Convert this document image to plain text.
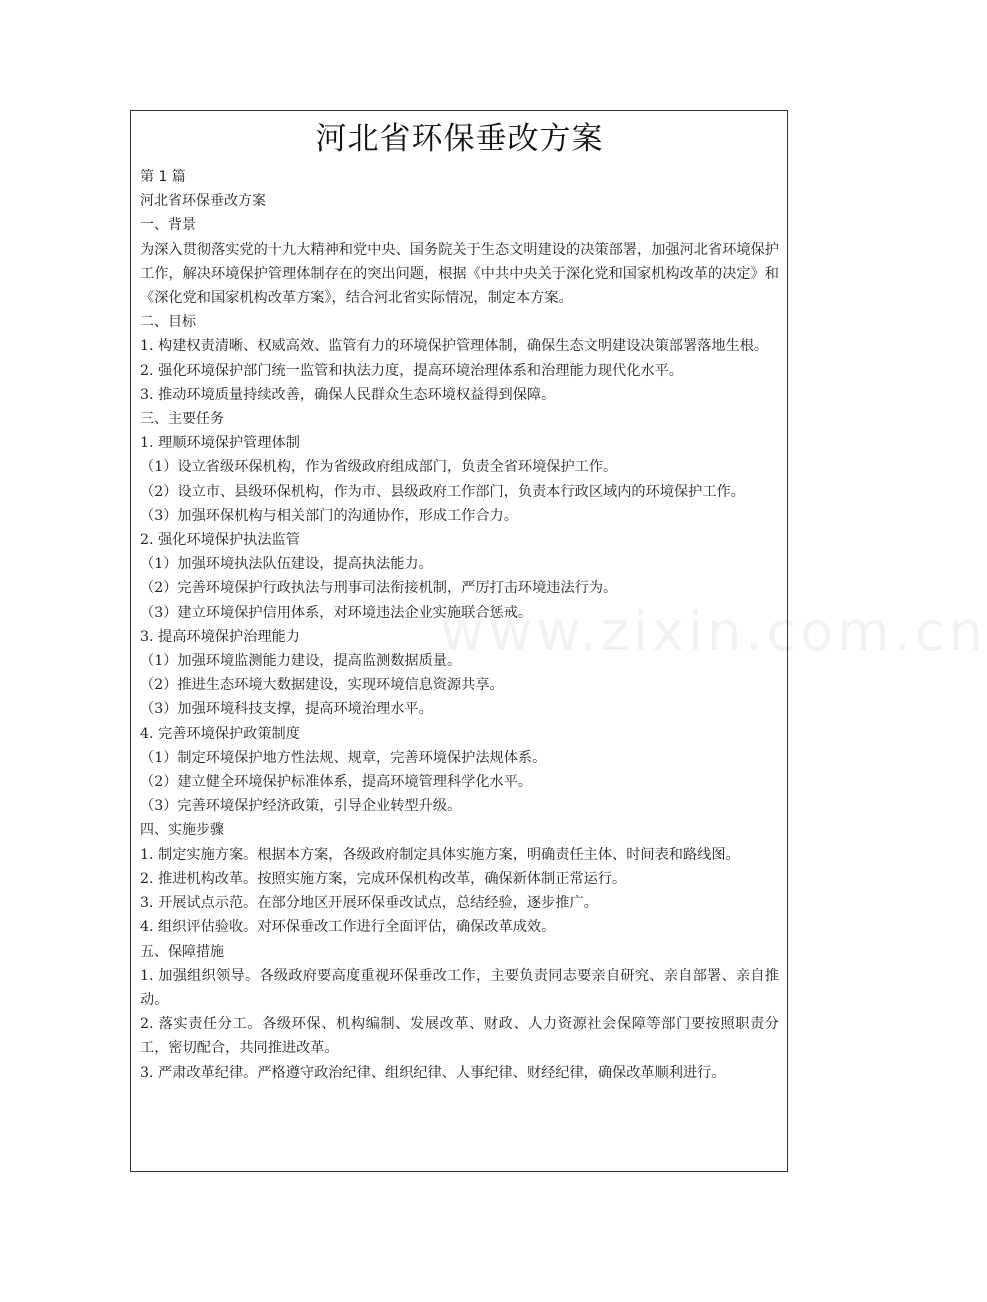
河北省环保垂改方案

第 1 篇

河北省环保垂改方案

一、背景

为深入贯彻落实党的十九大精神和党中央、国务院关于生态文明建设的决策部署，加强河北省环境保护工作，解决环境保护管理体制存在的突出问题，根据《中共中央关于深化党和国家机构改革的决定》和《深化党和国家机构改革方案》，结合河北省实际情况，制定本方案。

二、目标

1. 构建权责清晰、权威高效、监管有力的环境保护管理体制，确保生态文明建设决策部署落地生根。

2. 强化环境保护部门统一监管和执法力度，提高环境治理体系和治理能力现代化水平。

3. 推动环境质量持续改善，确保人民群众生态环境权益得到保障。

三、主要任务

1. 理顺环境保护管理体制

（1）设立省级环保机构，作为省级政府组成部门，负责全省环境保护工作。

（2）设立市、县级环保机构，作为市、县级政府工作部门，负责本行政区域内的环境保护工作。

（3）加强环保机构与相关部门的沟通协作，形成工作合力。

2. 强化环境保护执法监管

（1）加强环境执法队伍建设，提高执法能力。

（2）完善环境保护行政执法与刑事司法衔接机制，严厉打击环境违法行为。

（3）建立环境保护信用体系，对环境违法企业实施联合惩戒。

3. 提高环境保护治理能力

（1）加强环境监测能力建设，提高监测数据质量。

（2）推进生态环境大数据建设，实现环境信息资源共享。

（3）加强环境科技支撑，提高环境治理水平。

4. 完善环境保护政策制度

（1）制定环境保护地方性法规、规章，完善环境保护法规体系。

（2）建立健全环境保护标准体系，提高环境管理科学化水平。

（3）完善环境保护经济政策，引导企业转型升级。

四、实施步骤

1. 制定实施方案。根据本方案，各级政府制定具体实施方案，明确责任主体、时间表和路线图。

2. 推进机构改革。按照实施方案，完成环保机构改革，确保新体制正常运行。

3. 开展试点示范。在部分地区开展环保垂改试点，总结经验，逐步推广。

4. 组织评估验收。对环保垂改工作进行全面评估，确保改革成效。

五、保障措施

1. 加强组织领导。各级政府要高度重视环保垂改工作，主要负责同志要亲自研究、亲自部署、亲自推动。

2. 落实责任分工。各级环保、机构编制、发展改革、财政、人力资源社会保障等部门要按照职责分工，密切配合，共同推进改革。

3. 严肃改革纪律。严格遵守政治纪律、组织纪律、人事纪律、财经纪律，确保改革顺利进行。

www.zixin.com.cn
